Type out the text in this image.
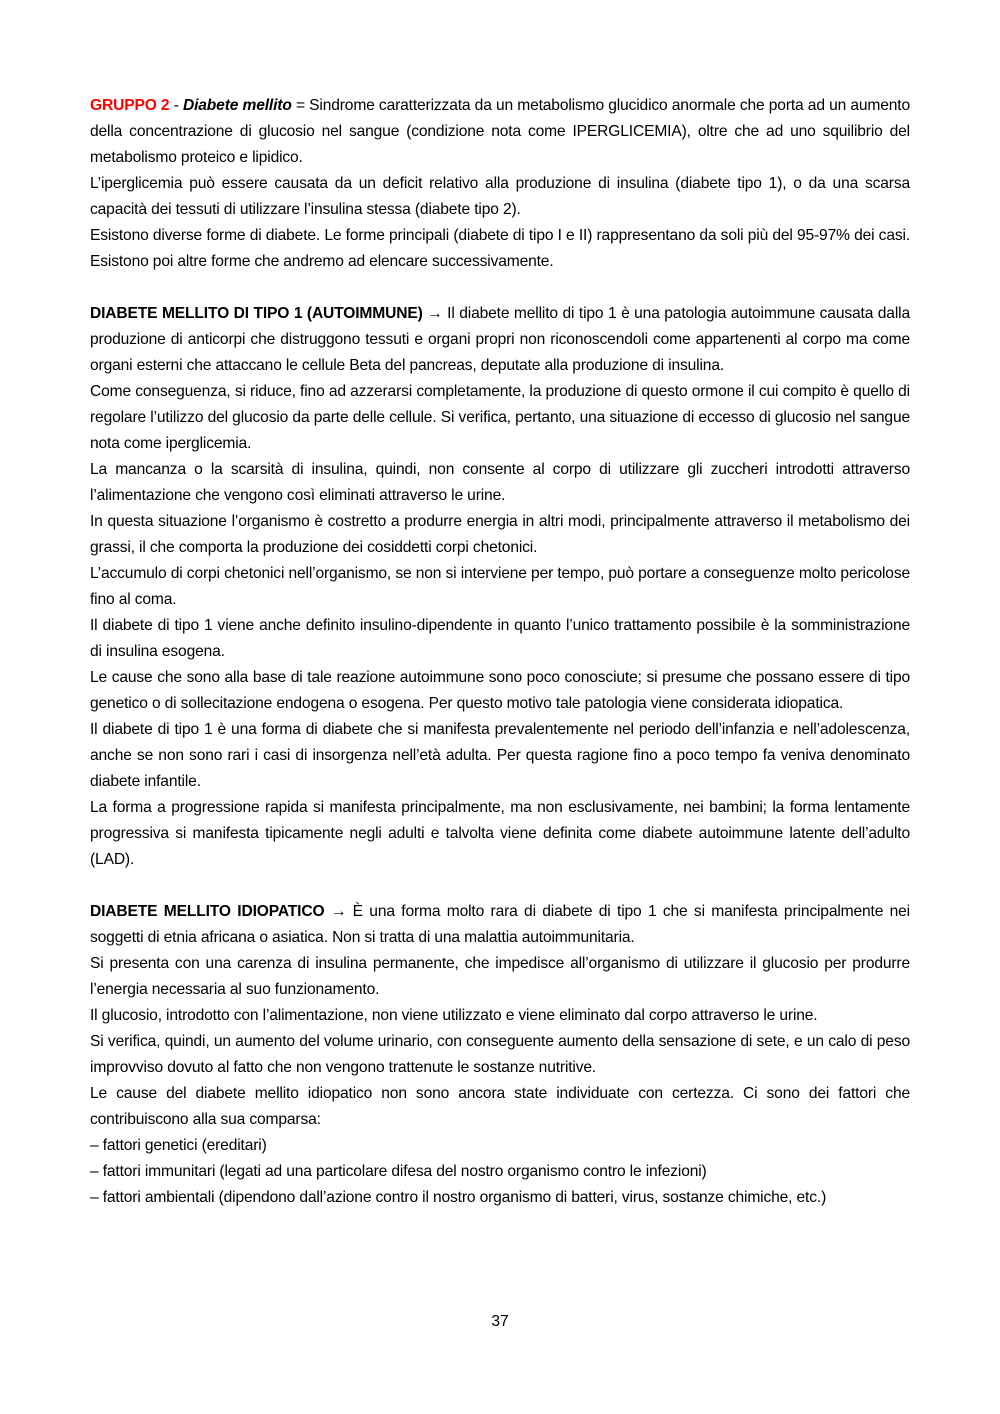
GRUPPO 2 - Diabete mellito = Sindrome caratterizzata da un metabolismo glucidico anormale che porta ad un aumento della concentrazione di glucosio nel sangue (condizione nota come IPERGLICEMIA), oltre che ad uno squilibrio del metabolismo proteico e lipidico.

L’iperglicemia può essere causata da un deficit relativo alla produzione di insulina (diabete tipo 1), o da una scarsa capacità dei tessuti di utilizzare l’insulina stessa (diabete tipo 2).

Esistono diverse forme di diabete. Le forme principali (diabete di tipo I e II) rappresentano da soli più del 95-97% dei casi. Esistono poi altre forme che andremo ad elencare successivamente.

DIABETE MELLITO DI TIPO 1 (AUTOIMMUNE) → Il diabete mellito di tipo 1 è una patologia autoimmune causata dalla produzione di anticorpi che distruggono tessuti e organi propri non riconoscendoli come appartenenti al corpo ma come organi esterni che attaccano le cellule Beta del pancreas, deputate alla produzione di insulina.

Come conseguenza, si riduce, fino ad azzerarsi completamente, la produzione di questo ormone il cui compito è quello di regolare l’utilizzo del glucosio da parte delle cellule. Si verifica, pertanto, una situazione di eccesso di glucosio nel sangue nota come iperglicemia.

La mancanza o la scarsità di insulina, quindi, non consente al corpo di utilizzare gli zuccheri introdotti attraverso l’alimentazione che vengono così eliminati attraverso le urine.

In questa situazione l’organismo è costretto a produrre energia in altri modi, principalmente attraverso il metabolismo dei grassi, il che comporta la produzione dei cosiddetti corpi chetonici.

L’accumulo di corpi chetonici nell’organismo, se non si interviene per tempo, può portare a conseguenze molto pericolose fino al coma.

Il diabete di tipo 1 viene anche definito insulino-dipendente in quanto l’unico trattamento possibile è la somministrazione di insulina esogena.

Le cause che sono alla base di tale reazione autoimmune sono poco conosciute; si presume che possano essere di tipo genetico o di sollecitazione endogena o esogena. Per questo motivo tale patologia viene considerata idiopatica.

Il diabete di tipo 1 è una forma di diabete che si manifesta prevalentemente nel periodo dell’infanzia e nell’adolescenza, anche se non sono rari i casi di insorgenza nell’età adulta. Per questa ragione fino a poco tempo fa veniva denominato diabete infantile.

La forma a progressione rapida si manifesta principalmente, ma non esclusivamente, nei bambini; la forma lentamente progressiva si manifesta tipicamente negli adulti e talvolta viene definita come diabete autoimmune latente dell’adulto (LAD).

DIABETE MELLITO IDIOPATICO → È una forma molto rara di diabete di tipo 1 che si manifesta principalmente nei soggetti di etnia africana o asiatica. Non si tratta di una malattia autoimmunitaria.

Si presenta con una carenza di insulina permanente, che impedisce all’organismo di utilizzare il glucosio per produrre l’energia necessaria al suo funzionamento.

Il glucosio, introdotto con l’alimentazione, non viene utilizzato e viene eliminato dal corpo attraverso le urine.

Si verifica, quindi, un aumento del volume urinario, con conseguente aumento della sensazione di sete, e un calo di peso improvviso dovuto al fatto che non vengono trattenute le sostanze nutritive.

Le cause del diabete mellito idiopatico non sono ancora state individuate con certezza. Ci sono dei fattori che contribuiscono alla sua comparsa:

– fattori genetici (ereditari)

– fattori immunitari (legati ad una particolare difesa del nostro organismo contro le infezioni)

– fattori ambientali (dipendono dall’azione contro il nostro organismo di batteri, virus, sostanze chimiche, etc.)

37
